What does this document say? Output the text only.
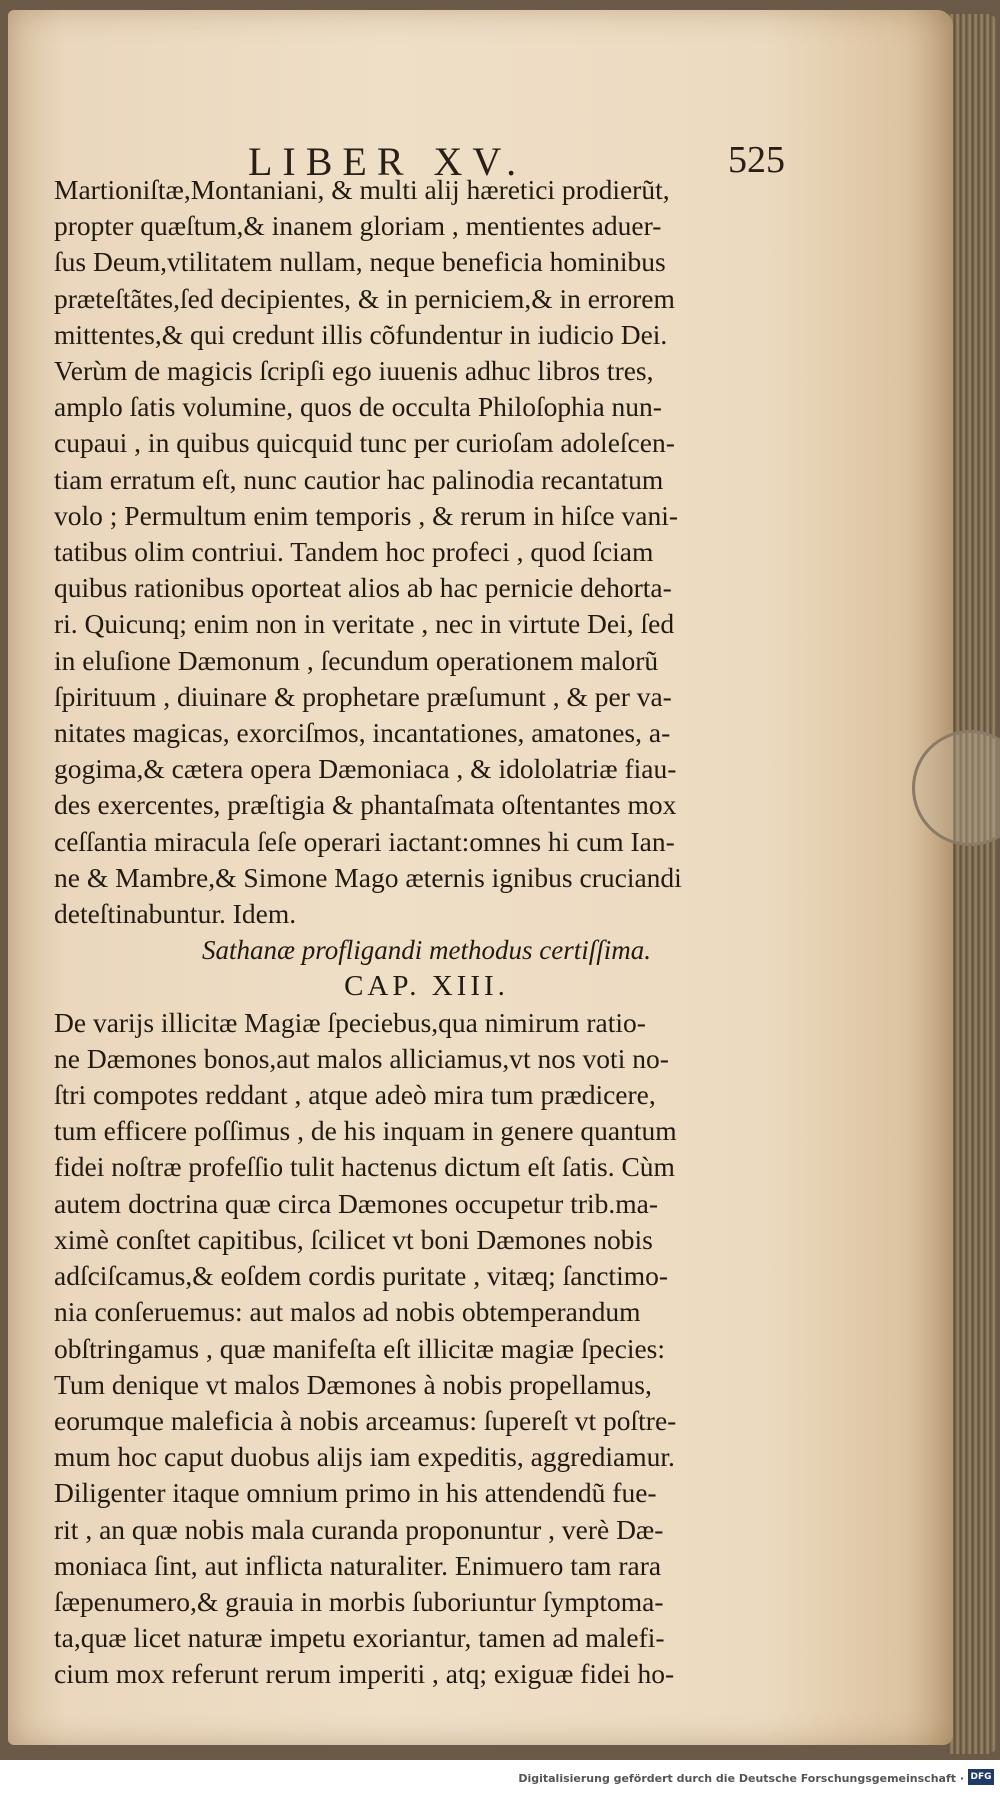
LIBER XV.	525
Martioniſtæ,Montaniani, & multi alij hæretici prodierũt,
propter quæſtum,& inanem gloriam , mentientes aduer-
ſus Deum,vtilitatem nullam, neque beneficia hominibus
præteſtãtes,ſed decipientes, & in perniciem,& in errorem
mittentes,& qui credunt illis cõfundentur in iudicio Dei.
Verùm de magicis ſcripſi ego iuuenis adhuc libros tres,
amplo ſatis volumine, quos de occulta Philoſophia nun-
cupaui , in quibus quicquid tunc per curioſam adoleſcen-
tiam erratum eſt, nunc cautior hac palinodia recantatum
volo ; Permultum enim temporis , & rerum in hiſce vani-
tatibus olim contriui. Tandem hoc profeci , quod ſciam
quibus rationibus oporteat alios ab hac pernicie dehorta-
ri. Quicunq; enim non in veritate , nec in virtute Dei, ſed
in eluſione Dæmonum , ſecundum operationem malorũ
ſpirituum , diuinare & prophetare præſumunt , & per va-
nitates magicas, exorciſmos, incantationes, amatones, a-
gogima,& cætera opera Dæmoniaca , & idololatriæ fiau-
des exercentes, præſtigia & phantaſmata oſtentantes mox
ceſſantia miracula ſeſe operari iactant:omnes hi cum Ian-
ne & Mambre,& Simone Mago æternis ignibus cruciandi
deteſtinabuntur. Idem.
Sathanæ profligandi methodus certiſſima.
CAP. XIII.
De varijs illicitæ Magiæ ſpeciebus,qua nimirum ratio-
ne Dæmones bonos,aut malos alliciamus,vt nos voti no-
ſtri compotes reddant , atque adeò mira tum prædicere,
tum efficere poſſimus , de his inquam in genere quantum
fidei noſtræ profeſſio tulit hactenus dictum eſt ſatis. Cùm
autem doctrina quæ circa Dæmones occupetur trib.ma-
ximè conſtet capitibus, ſcilicet vt boni Dæmones nobis
adſciſcamus,& eoſdem cordis puritate , vitæq; ſanctimo-
nia conſeruemus: aut malos ad nobis obtemperandum
obſtringamus , quæ manifeſta eſt illicitæ magiæ ſpecies:
Tum denique vt malos Dæmones à nobis propellamus,
eorumque maleficia à nobis arceamus: ſupereſt vt poſtre-
mum hoc caput duobus alijs iam expeditis, aggrediamur.
Diligenter itaque omnium primo in his attendendũ fue-
rit , an quæ nobis mala curanda proponuntur , verè Dæ-
moniaca ſint, aut inflicta naturaliter. Enimuero tam rara
ſæpenumero,& grauia in morbis ſuboriuntur ſymptoma-
ta,quæ licet naturæ impetu exoriantur, tamen ad malefi-
cium mox referunt rerum imperiti , atq; exiguæ fidei ho-
Digitalisierung gefördert durch die Deutsche Forschungsgemeinschaft · DFG
